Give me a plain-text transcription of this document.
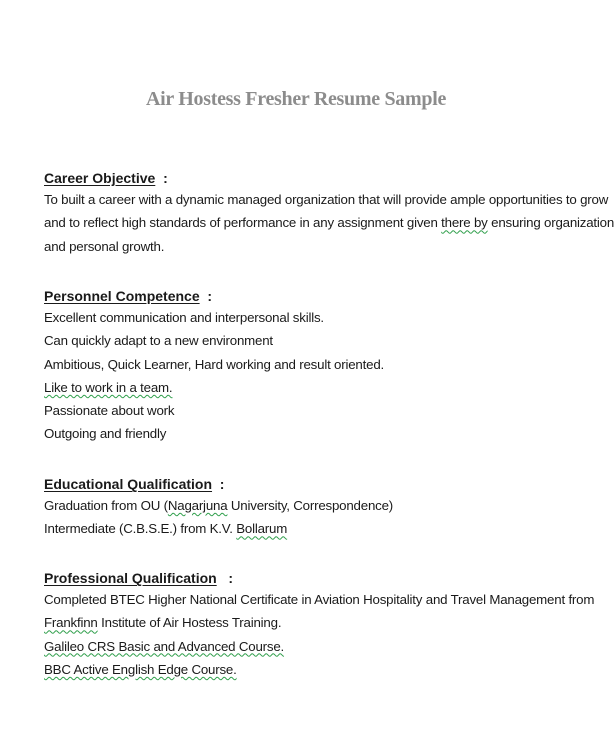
Air Hostess Fresher Resume Sample
Career Objective  :
To built a career with a dynamic managed organization that will provide ample opportunities to grow
and to reflect high standards of performance in any assignment given there by ensuring organization
and personal growth.
Personnel Competence  :
Excellent communication and interpersonal skills.
Can quickly adapt to a new environment
Ambitious, Quick Learner, Hard working and result oriented.
Like to work in a team.
Passionate about work
Outgoing and friendly
Educational Qualification  :
Graduation from OU (Nagarjuna University, Correspondence)
Intermediate (C.B.S.E.) from K.V. Bollarum
Professional Qualification   :
Completed BTEC Higher National Certificate in Aviation Hospitality and Travel Management from
Frankfinn Institute of Air Hostess Training.
Galileo CRS Basic and Advanced Course.
BBC Active English Edge Course.
